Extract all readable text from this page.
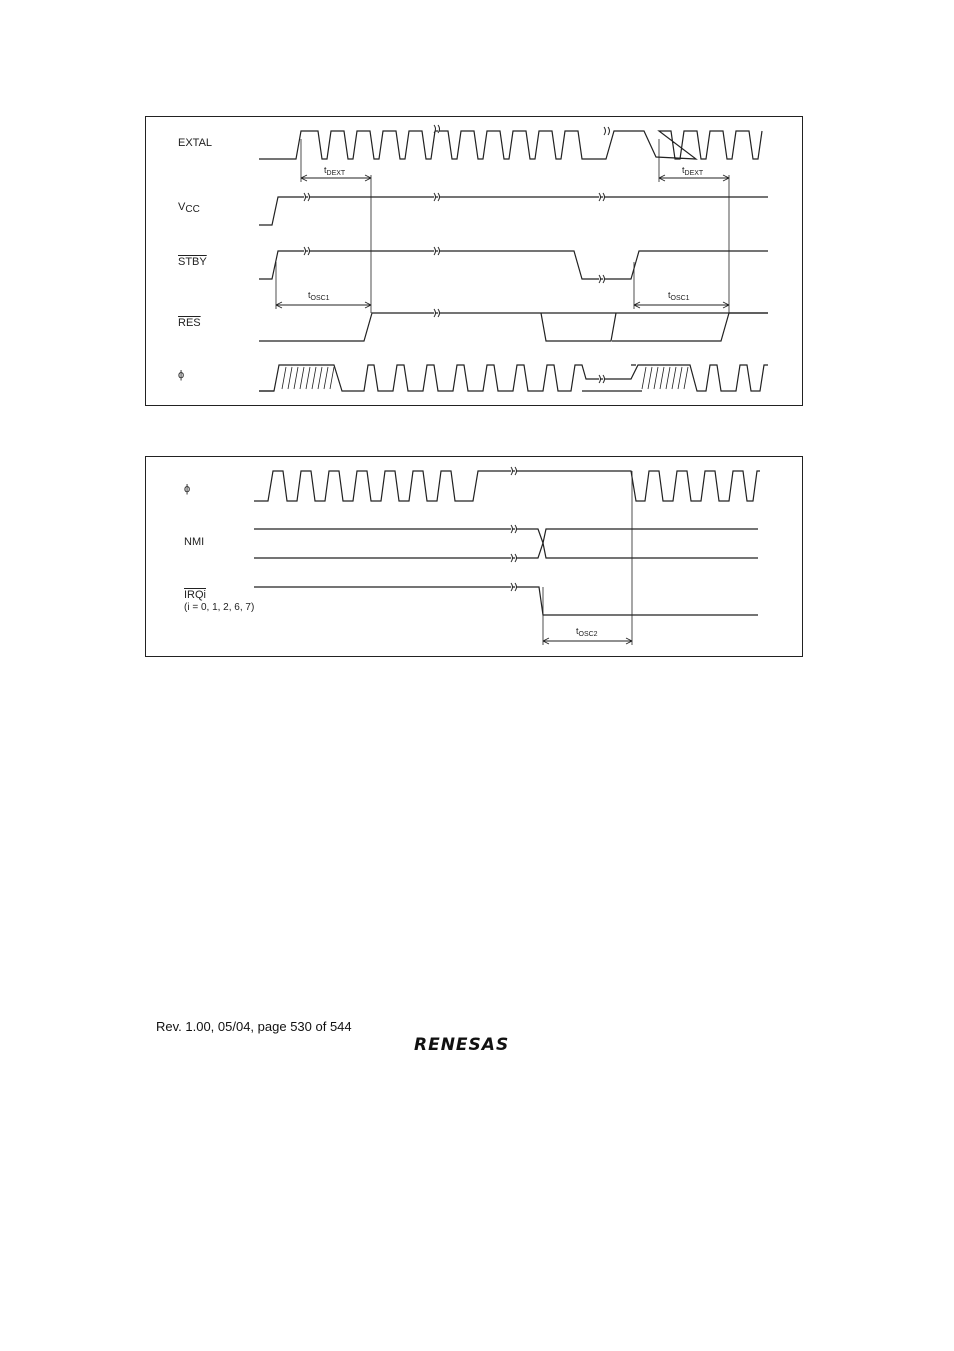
EXTAL
VCC
STBY
$\overline{RES}$
ϕ
$t_{DEXT}$	$t_{DEXT}$
$t_{OSC1}$	$t_{OSC1}$
ϕ
NMI
IRQi
(i = 0, 1, 2, 6, 7)
$t_{OSC2}$
Rev. 1.00, 05/04, page 530 of 544
RENESAS
